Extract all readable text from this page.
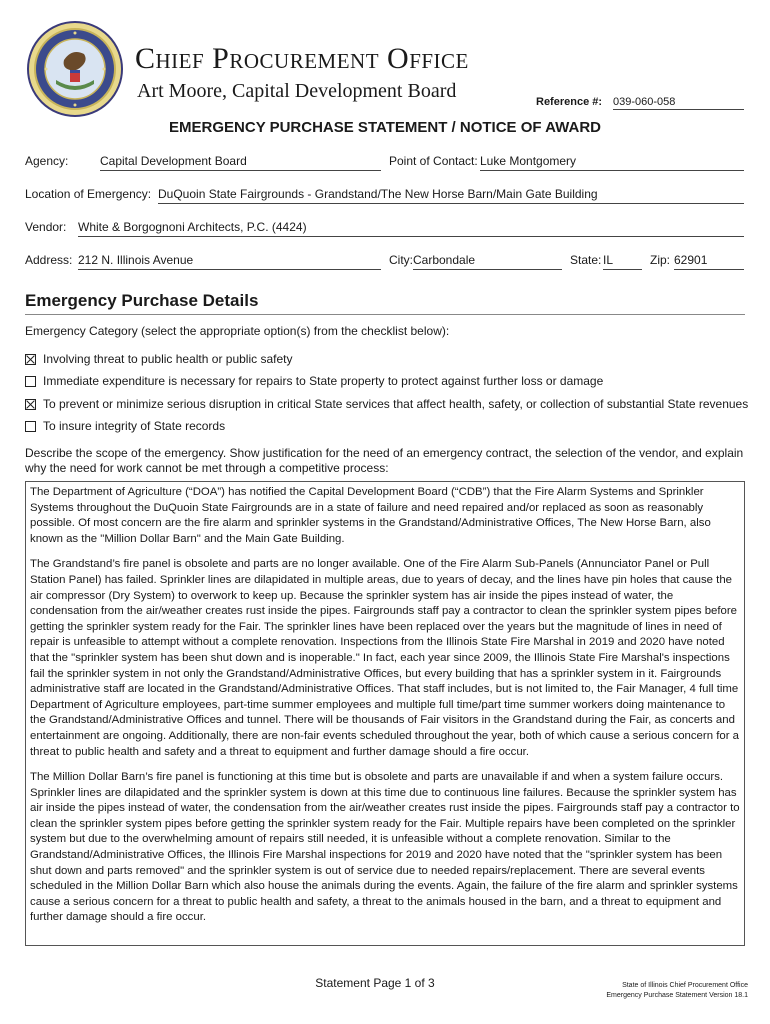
Chief Procurement Office
Art Moore, Capital Development Board	Reference #: 039-060-058
EMERGENCY PURCHASE STATEMENT / NOTICE OF AWARD
Agency:	Capital Development Board	Point of Contact: Luke Montgomery
Location of Emergency: DuQuoin State Fairgrounds - Grandstand/The New Horse Barn/Main Gate Building
Vendor: White & Borgognoni Architects, P.C. (4424)
Address: 212 N. Illinois Avenue	City: Carbondale	State: IL	Zip: 62901
Emergency Purchase Details
Emergency Category (select the appropriate option(s) from the checklist below):
Involving threat to public health or public safety
Immediate expenditure is necessary for repairs to State property to protect against further loss or damage
To prevent or minimize serious disruption in critical State services that affect health, safety, or collection of substantial State revenues
To insure integrity of State records
Describe the scope of the emergency. Show justification for the need of an emergency contract, the selection of the vendor, and explain why the need for work cannot be met through a competitive process:

The Department of Agriculture (“DOA”) has notified the Capital Development Board (“CDB”) that the Fire Alarm Systems and Sprinkler Systems throughout the DuQuoin State Fairgrounds are in a state of failure and need repaired and/or replaced as soon as reasonably possible. Of most concern are the fire alarm and sprinkler systems in the Grandstand/Administrative Offices, The New Horse Barn, also known as the "Million Dollar Barn" and the Main Gate Building.

The Grandstand’s fire panel is obsolete and parts are no longer available. One of the Fire Alarm Sub-Panels (Annunciator Panel or Pull Station Panel) has failed. Sprinkler lines are dilapidated in multiple areas, due to years of decay, and the lines have pin holes that cause the air compressor (Dry System) to overwork to keep up. Because the sprinkler system has air inside the pipes instead of water, the condensation from the air/weather creates rust inside the pipes. Fairgrounds staff pay a contractor to clean the sprinkler system pipes before getting the sprinkler system ready for the Fair. The sprinkler lines have been replaced over the years but the magnitude of lines in need of repair is unfeasible to attempt without a complete renovation. Inspections from the Illinois State Fire Marshal in 2019 and 2020 have noted that the "sprinkler system has been shut down and is inoperable." In fact, each year since 2009, the Illinois State Fire Marshal's inspections fail the sprinkler system in not only the Grandstand/Administrative Offices, but every building that has a sprinkler system in it. Fairgrounds administrative staff are located in the Grandstand/Administrative Offices. That staff includes, but is not limited to, the Fair Manager, 4 full time Department of Agriculture employees, part-time summer employees and multiple full time/part time summer workers doing maintenance to the Grandstand/Administrative Offices and tunnel. There will be thousands of Fair visitors in the Grandstand during the Fair, as concerts and entertainment are ongoing. Additionally, there are non-fair events scheduled throughout the year, both of which cause a serious concern for a threat to public health and safety and a threat to equipment and further damage should a fire occur.

The Million Dollar Barn’s fire panel is functioning at this time but is obsolete and parts are unavailable if and when a system failure occurs. Sprinkler lines are dilapidated and the sprinkler system is down at this time due to continuous line failures. Because the sprinkler system has air inside the pipes instead of water, the condensation from the air/weather creates rust inside the pipes. Fairgrounds staff pay a contractor to clean the sprinkler system pipes before getting the sprinkler system ready for the Fair. Multiple repairs have been completed on the sprinkler system but due to the overwhelming amount of repairs still needed, it is unfeasible without a complete renovation. Similar to the Grandstand/Administrative Offices, the Illinois Fire Marshal inspections for 2019 and 2020 have noted that the "sprinkler system has been shut down and parts removed" and the sprinkler system is out of service due to needed repairs/replacement. There are several events scheduled in the Million Dollar Barn which also house the animals during the events. Again, the failure of the fire alarm and sprinkler systems cause a serious concern for a threat to public health and safety, a threat to the animals housed in the barn, and a threat to equipment and further damage should a fire occur.

Statement Page 1 of 3	State of Illinois Chief Procurement Office
Emergency Purchase Statement Version 18.1
